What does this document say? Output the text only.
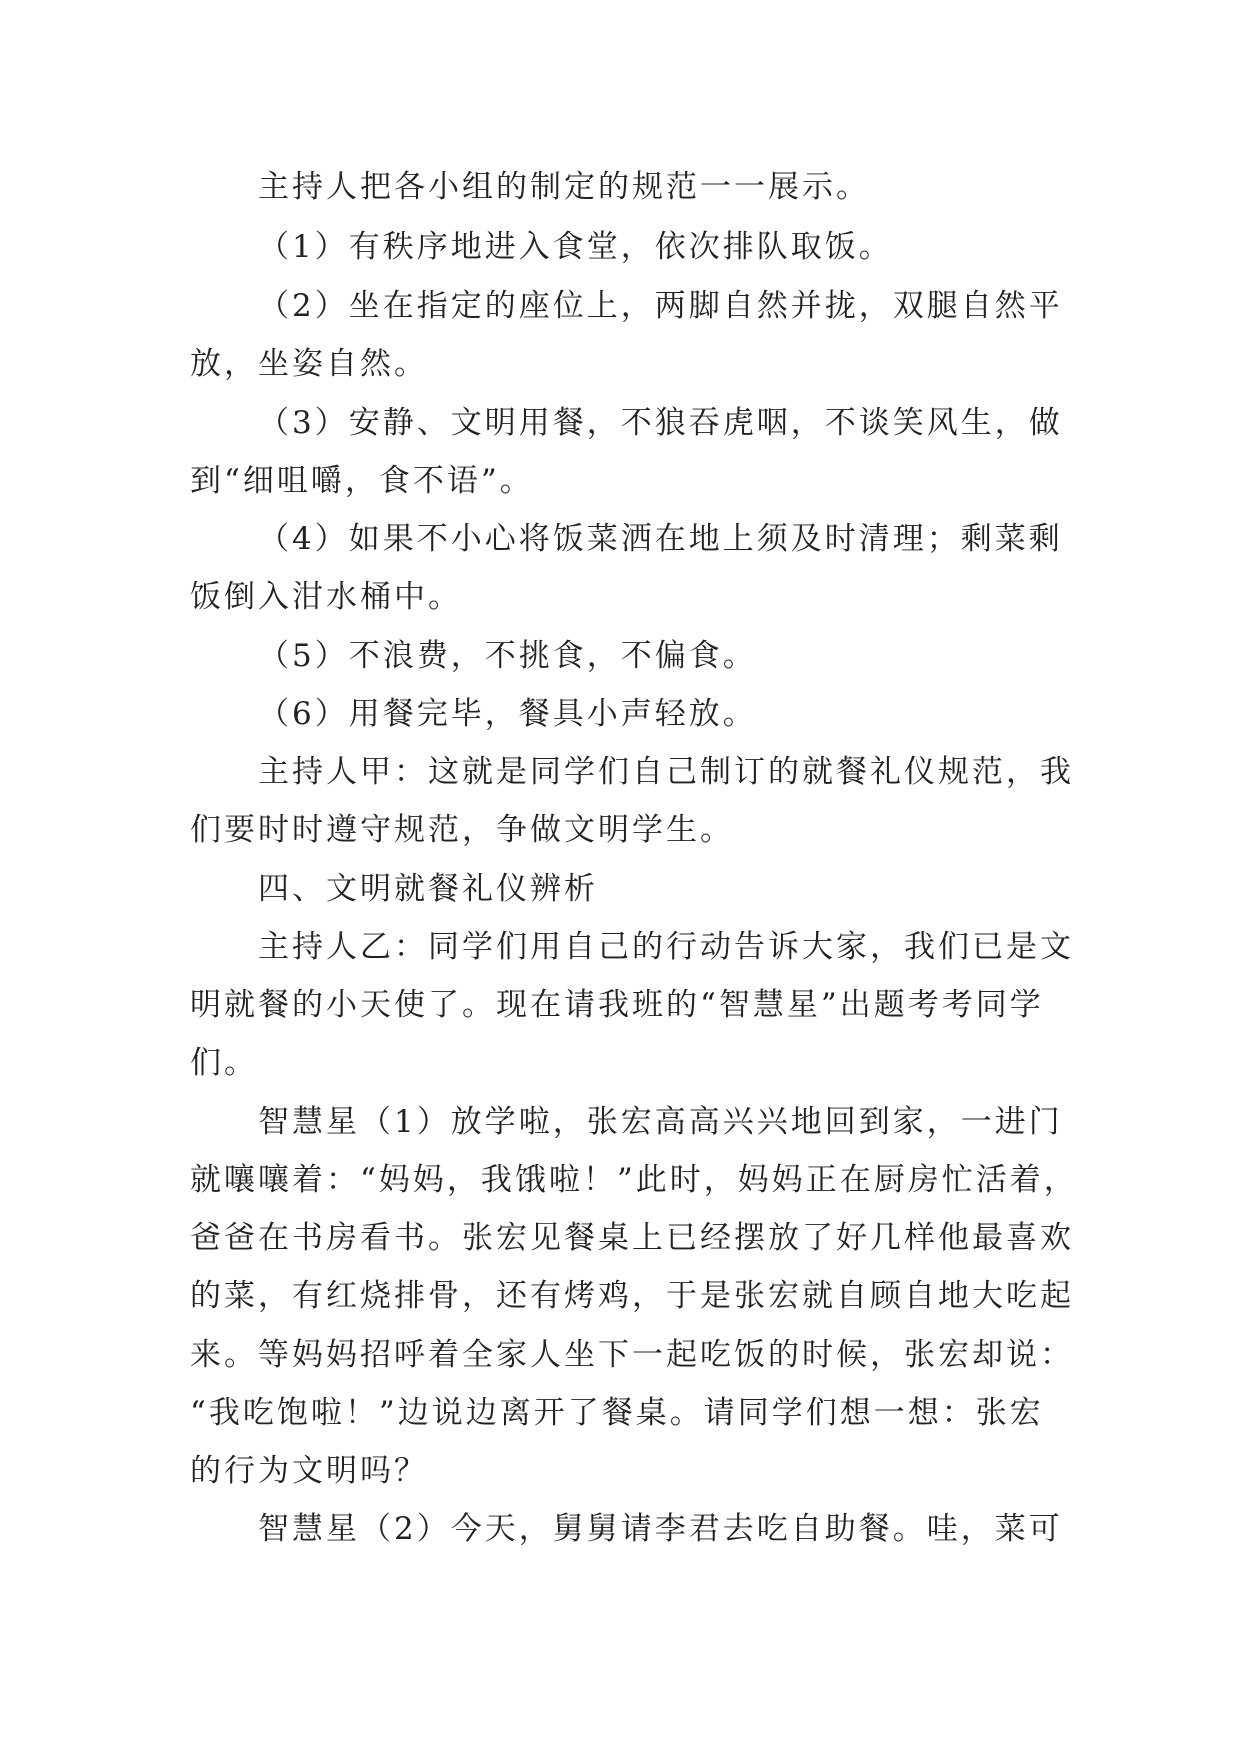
主持人把各小组的制定的规范一一展示。
（1）有秩序地进入食堂，依次排队取饭。
（2）坐在指定的座位上，两脚自然并拢，双腿自然平
放，坐姿自然。
（3）安静、文明用餐，不狼吞虎咽，不谈笑风生，做
到“细咀嚼，食不语”。
（4）如果不小心将饭菜洒在地上须及时清理；剩菜剩
饭倒入泔水桶中。
（5）不浪费，不挑食，不偏食。
（6）用餐完毕，餐具小声轻放。
主持人甲：这就是同学们自己制订的就餐礼仪规范，我
们要时时遵守规范，争做文明学生。
四、文明就餐礼仪辨析
主持人乙：同学们用自己的行动告诉大家，我们已是文
明就餐的小天使了。现在请我班的“智慧星”出题考考同学
们。
智慧星（1）放学啦，张宏高高兴兴地回到家，一进门
就嚷嚷着：“妈妈，我饿啦！”此时，妈妈正在厨房忙活着，
爸爸在书房看书。张宏见餐桌上已经摆放了好几样他最喜欢
的菜，有红烧排骨，还有烤鸡，于是张宏就自顾自地大吃起
来。等妈妈招呼着全家人坐下一起吃饭的时候，张宏却说：
“我吃饱啦！”边说边离开了餐桌。请同学们想一想：张宏
的行为文明吗？
智慧星（2）今天，舅舅请李君去吃自助餐。哇，菜可
